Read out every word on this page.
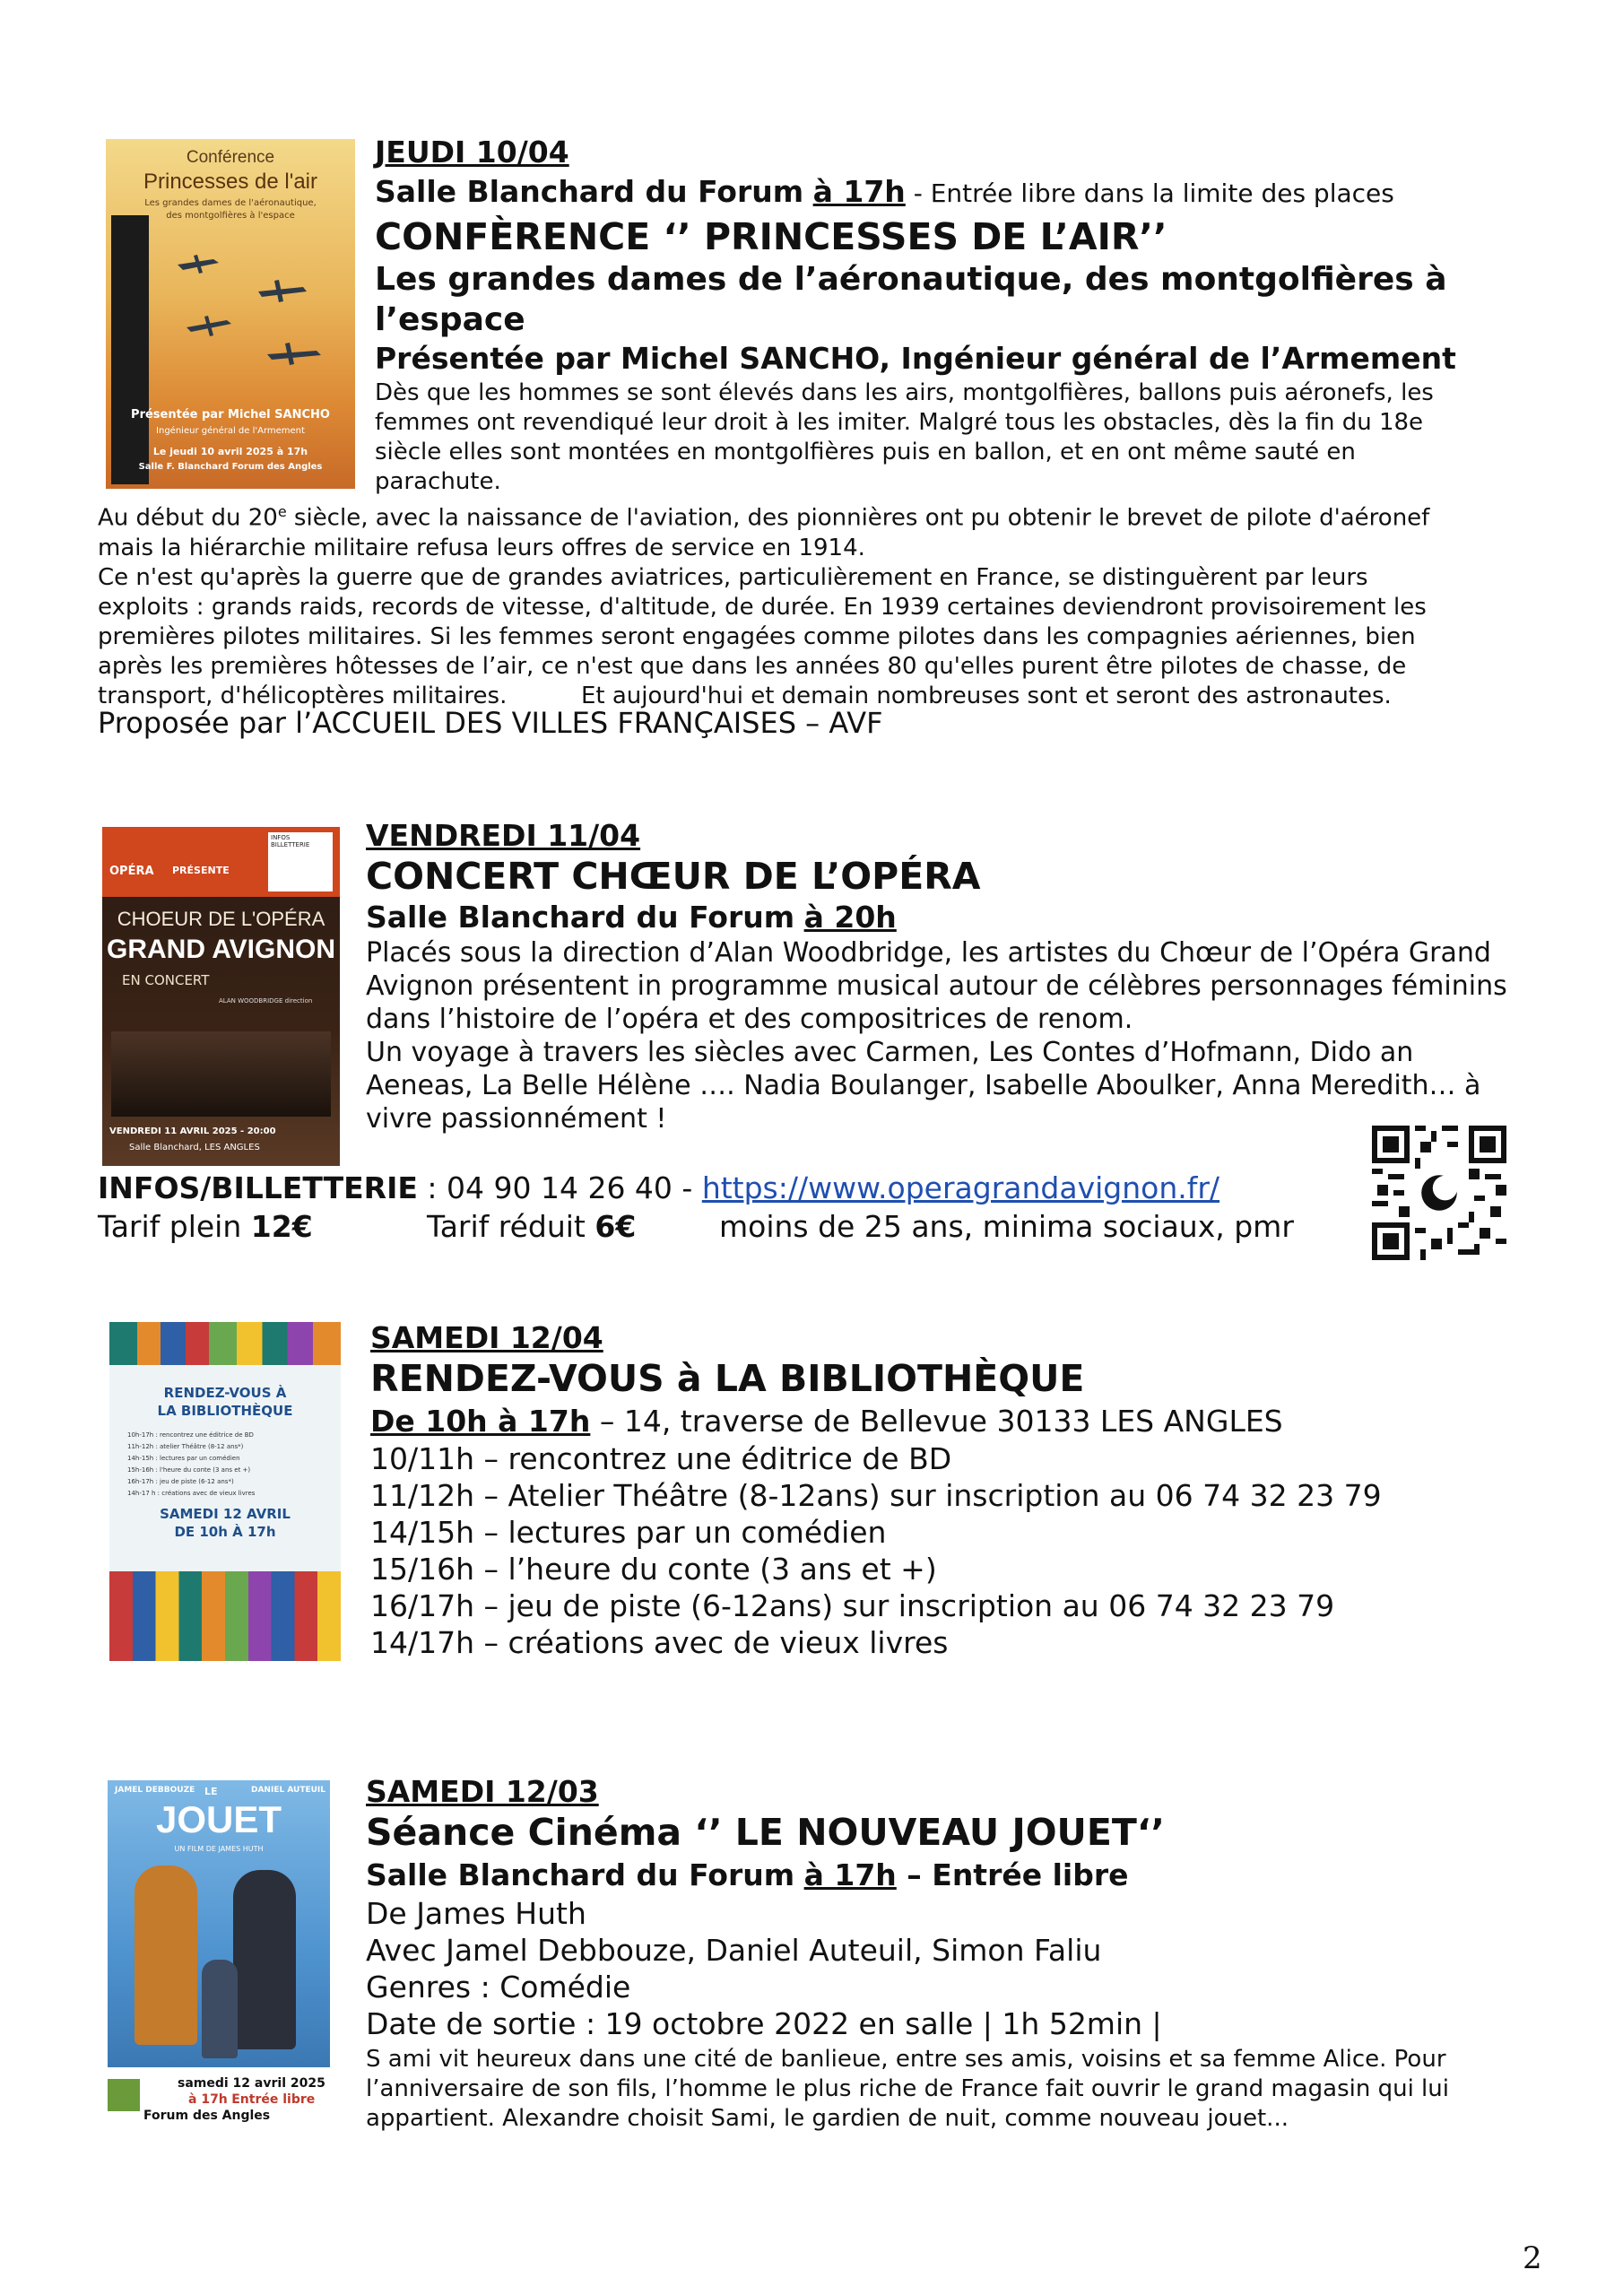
Conférence
Princesses de l'air
Les grandes dames de l'aéronautique,
des montgolfières à l'espace
Présentée par Michel SANCHO
Ingénieur général de l'Armement
Le jeudi 10 avril 2025 à 17h
Salle F. Blanchard Forum des Angles
JEUDI 10/04
Salle Blanchard du Forum à 17h - Entrée libre dans la limite des places
CONFÈRENCE ‘’ PRINCESSES DE L’AIR’’
Les grandes dames de l’aéronautique, des montgolfières à
l’espace
Présentée par Michel SANCHO, Ingénieur général de l’Armement
Dès que les hommes se sont élevés dans les airs, montgolfières, ballons puis aéronefs, les
femmes ont revendiqué leur droit à les imiter. Malgré tous les obstacles, dès la fin du 18e
siècle elles sont montées en montgolfières puis en ballon, et en ont même sauté en
parachute.
Au début du 20e siècle, avec la naissance de l'aviation, des pionnières ont pu obtenir le brevet de pilote d'aéronef
mais la hiérarchie militaire refusa leurs offres de service en 1914.
Ce n'est qu'après la guerre que de grandes aviatrices, particulièrement en France, se distinguèrent par leurs
exploits : grands raids, records de vitesse, d'altitude, de durée. En 1939 certaines deviendront provisoirement les
premières pilotes militaires. Si les femmes seront engagées comme pilotes dans les compagnies aériennes, bien
après les premières hôtesses de l’air, ce n'est que dans les années 80 qu'elles purent être pilotes de chasse, de
transport, d'hélicoptères militaires.          Et aujourd'hui et demain nombreuses sont et seront des astronautes.
Proposée par l’ACCUEIL DES VILLES FRANÇAISES – AVF
OPÉRA PRÉSENTE
INFOS BILLETTERIE
CHOEUR DE L'OPÉRA
GRAND AVIGNON
EN CONCERT
ALAN WOODBRIDGE direction
VENDREDI 11 AVRIL 2025 - 20:00
Salle Blanchard, LES ANGLES
VENDREDI 11/04
CONCERT CHŒUR DE L’OPÉRA
Salle Blanchard du Forum à 20h
Placés sous la direction d’Alan Woodbridge, les artistes du Chœur de l’Opéra Grand
Avignon présentent in programme musical autour de célèbres personnages féminins
dans l’histoire de l’opéra et des compositrices de renom.
Un voyage à travers les siècles avec Carmen, Les Contes d’Hofmann, Dido an
Aeneas, La Belle Hélène …. Nadia Boulanger, Isabelle Aboulker, Anna Meredith… à
vivre passionnément !
INFOS/BILLETTERIE : 04 90 14 26 40 - https://www.operagrandavignon.fr/
Tarif plein 12€	Tarif réduit 6€	moins de 25 ans, minima sociaux, pmr
RENDEZ-VOUS À
LA BIBLIOTHÈQUE
10h-17h : rencontrez une éditrice de BD
11h-12h : atelier Théâtre (8-12 ans*)
14h-15h : lectures par un comédien
15h-16h : l'heure du conte (3 ans et +)
16h-17h : jeu de piste (6-12 ans*)
14h-17 h : créations avec de vieux livres
SAMEDI 12 AVRIL
DE 10h À 17h
SAMEDI 12/04
RENDEZ-VOUS à LA BIBLIOTHÈQUE
De 10h à 17h – 14, traverse de Bellevue 30133 LES ANGLES
10/11h – rencontrez une éditrice de BD
11/12h – Atelier Théâtre (8-12ans) sur inscription au 06 74 32 23 79
14/15h – lectures par un comédien
15/16h – l’heure du conte (3 ans et +)
16/17h – jeu de piste (6-12ans) sur inscription au 06 74 32 23 79
14/17h – créations avec de vieux livres
JAMEL DEBBOUZE LE	DANIEL AUTEUIL
JOUET
UN FILM DE JAMES HUTH
samedi 12 avril 2025
à 17h Entrée libre
Forum des Angles
SAMEDI 12/03
Séance Cinéma ‘’ LE NOUVEAU JOUET‘’
Salle Blanchard du Forum à 17h – Entrée libre
De James Huth
Avec Jamel Debbouze, Daniel Auteuil, Simon Faliu
Genres : Comédie
Date de sortie : 19 octobre 2022 en salle | 1h 52min |
S ami vit heureux dans une cité de banlieue, entre ses amis, voisins et sa femme Alice. Pour
l’anniversaire de son fils, l’homme le plus riche de France fait ouvrir le grand magasin qui lui
appartient. Alexandre choisit Sami, le gardien de nuit, comme nouveau jouet...
2
